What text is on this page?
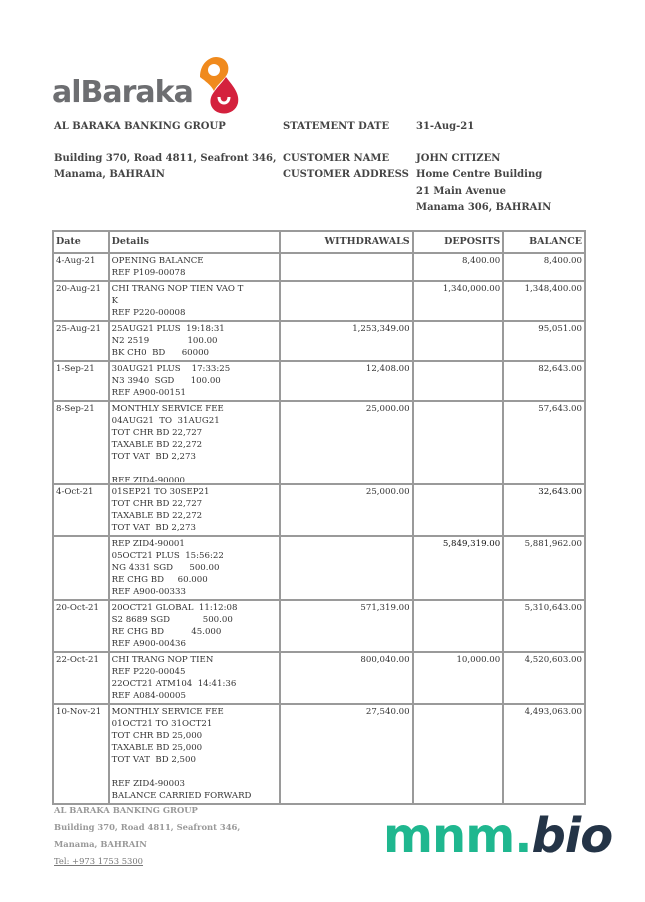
alBaraka
AL BARAKA BANKING GROUP
Building 370, Road 4811, Seafront 346,
Manama, BAHRAIN
STATEMENT DATE	31-Aug-21
CUSTOMER NAME	JOHN CITIZEN
CUSTOMER ADDRESS Home Centre Building
21 Main Avenue
Manama 306, BAHRAIN
Date	Details	WITHDRAWALS	DEPOSITS	BALANCE
4-Aug-21	OPENING BALANCE
REF P109-00078		8,400.00	8,400.00
20-Aug-21	CHI TRANG NOP TIEN VAO T
K
REF P220-00008		1,340,000.00	1,348,400.00
25-Aug-21	25AUG21 PLUS  19:18:31
N2 2519              100.00
BK CH0  BD      60000	1,253,349.00		95,051.00
1-Sep-21	30AUG21 PLUS    17:33:25
N3 3940  SGD      100.00
REF A900-00151	12,408.00		82,643.00
8-Sep-21	MONTHLY SERVICE FEE
04AUG21  TO  31AUG21
TOT CHR BD 22,727
TAXABLE BD 22,272
TOT VAT  BD 2,273
REF ZID4-90000
	25,000.00		57,643.00
4-Oct-21	01SEP21 TO 30SEP21
TOT CHR BD 22,727
TAXABLE BD 22,272
TOT VAT  BD 2,273	25,000.00		32,643.00

	REP ZID4-90001
05OCT21 PLUS  15:56:22
NG 4331 SGD      500.00
RE CHG BD     60.000
REF A900-00333		5,849,319.00	5,881,962.00
20-Oct-21	20OCT21 GLOBAL  11:12:08
S2 8689 SGD            500.00
RE CHG BD          45.000
REF A900-00436	571,319.00		5,310,643.00
22-Oct-21	CHI TRANG NOP TIEN
REF P220-00045
22OCT21 ATM104  14:41:36
REF A084-00005	800,040.00	10,000.00	4,520,603.00
10-Nov-21	MONTHLY SERVICE FEE
01OCT21 TO 31OCT21
TOT CHR BD 25,000
TAXABLE BD 25,000
TOT VAT  BD 2,500
REF ZID4-90003
BALANCE CARRIED FORWARD
	27,540.00		4,493,063.00
AL BARAKA BANKING GROUP
Building 370, Road 4811, Seafront 346,
Manama, BAHRAIN
Tel: +973 1753 5300	mnm.bio
